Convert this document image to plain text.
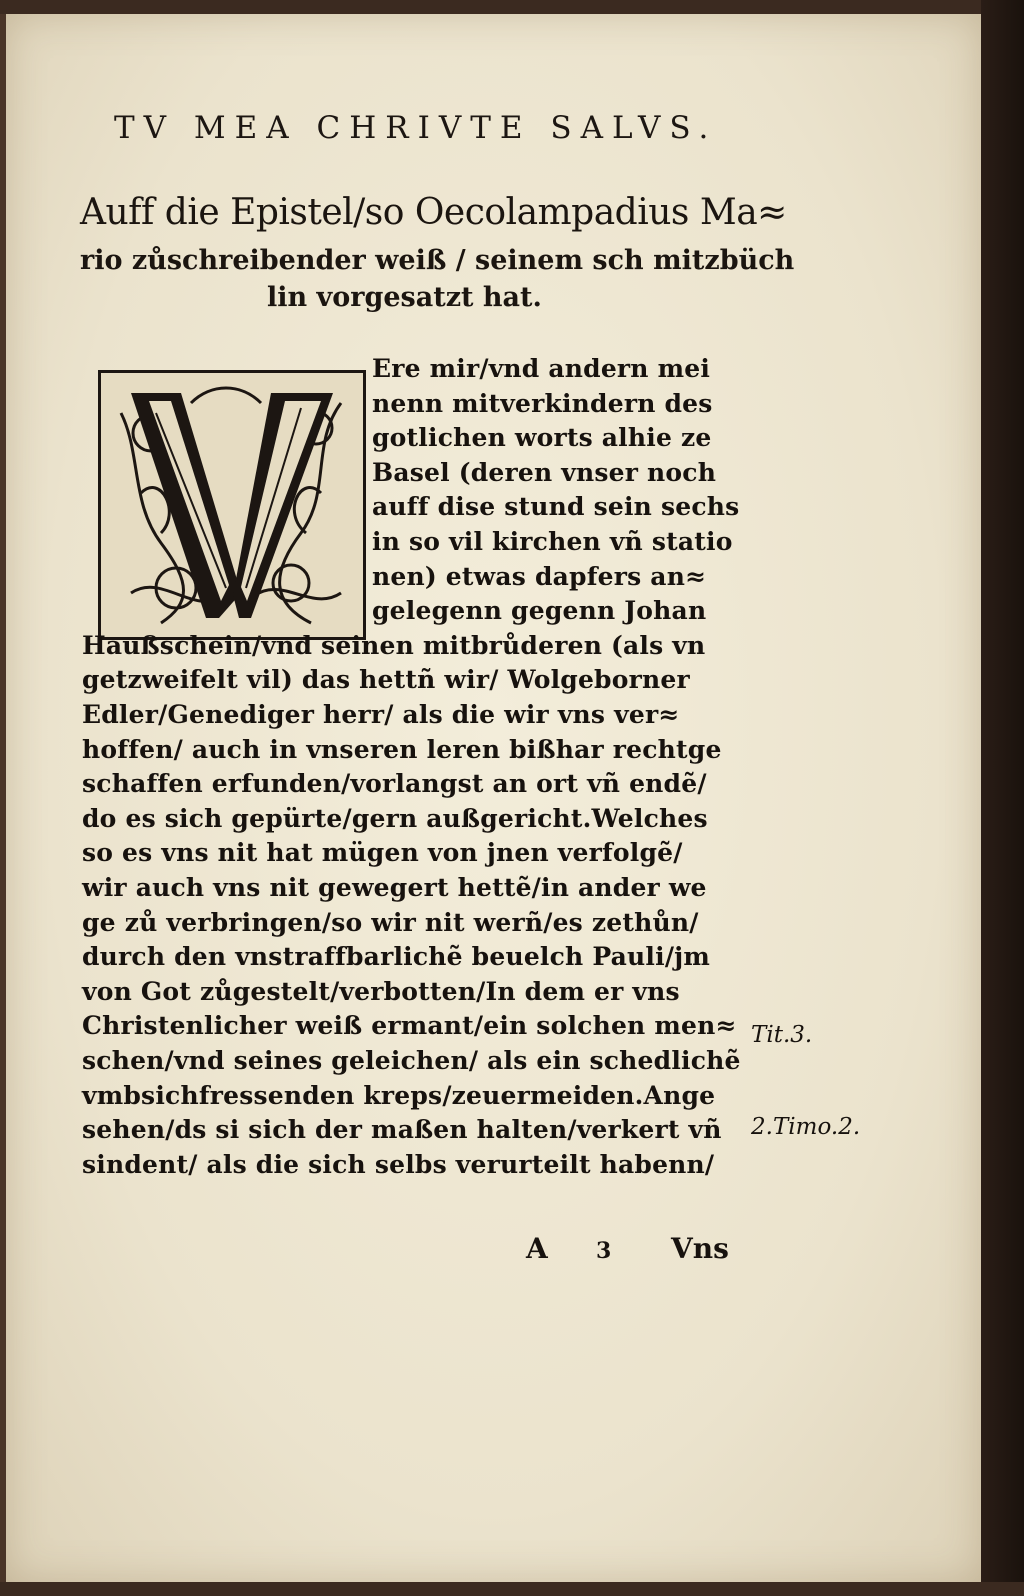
TV MEA CHRIVTE SALVS.
Auff die Epistel/so Oecolampadius Ma≈
rio zůschreibender weiß / seinem sch mitzbüch
lin vorgesatzt hat.
Ere mir/vnd andern mei
nenn mitverkindern des
gotlichen worts alhie ze
Basel (deren vnser noch
auff dise stund sein sechs
in so vil kirchen vñ statio
nen) etwas dapfers an≈
gelegenn gegenn Johan
Haußschein/vnd seinen mitbrůderen (als vn
getzweifelt vil) das hettñ wir/ Wolgeborner
Edler/Genediger herr/ als die wir vns ver≈
hoffen/ auch in vnseren leren bißhar rechtge
schaffen erfunden/vorlangst an ort vñ endẽ/
do es sich gepürte/gern außgericht.Welches
so es vns nit hat mügen von jnen verfolgẽ/
wir auch vns nit gewegert hettẽ/in ander we
ge zů verbringen/so wir nit werñ/es zethůn/
durch den vnstraffbarlichẽ beuelch Pauli/jm
von Got zůgestelt/verbotten/In dem er vns
Christenlicher weiß ermant/ein solchen men≈
schen/vnd seines geleichen/ als ein schedlichẽ
vmbsichfressenden kreps/zeuermeiden.Ange
sehen/ds si sich der maßen halten/verkert vñ
sindent/ als die sich selbs verurteilt habenn/
Tit.3.
2.Timo.2.
A 3 Vns
